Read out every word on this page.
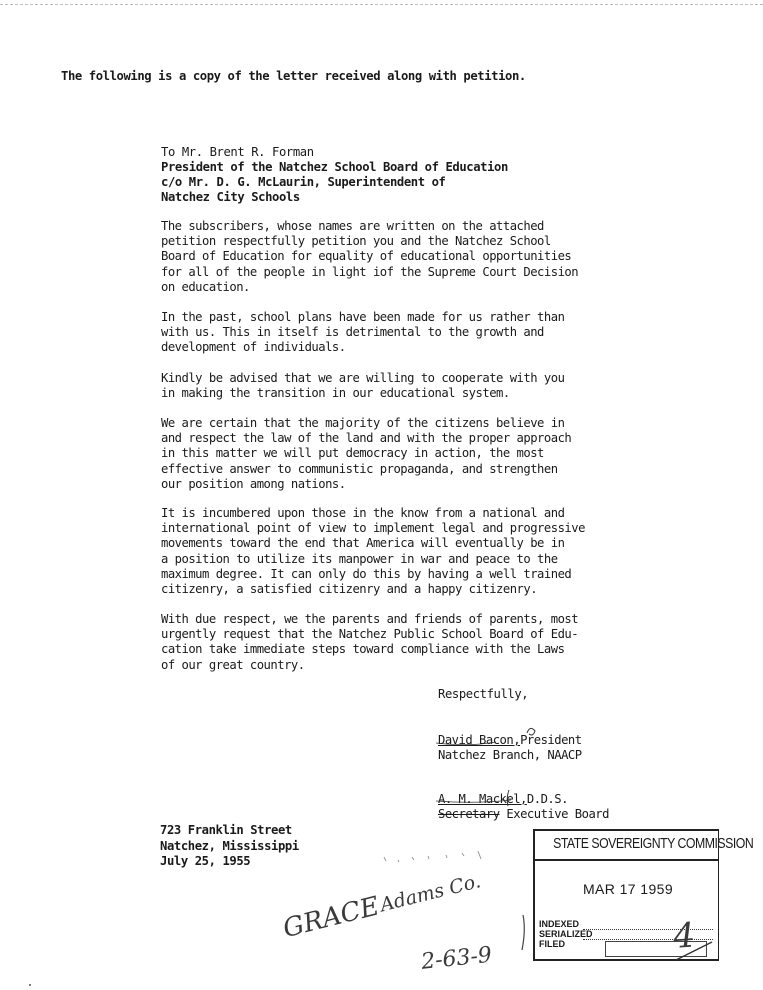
The following is a copy of the letter received along with petition.
To Mr. Brent R. Forman
President of the Natchez School Board of Education
c/o Mr. D. G. McLaurin, Superintendent of
Natchez City Schools
The subscribers, whose names are written on the attached
petition respectfully petition you and the Natchez School
Board of Education for equality of educational opportunities
for all of the people in light iof the Supreme Court Decision
on education.
In the past, school plans have been made for us rather than
with us. This in itself is detrimental to the growth and
development of individuals.
Kindly be advised that we are willing to cooperate with you
in making the transition in our educational system.
We are certain that the majority of the citizens believe in
and respect the law of the land and with the proper approach
in this matter we will put democracy in action, the most
effective answer to communistic propaganda, and strengthen
our position among nations.
It is incumbered upon those in the know from a national and
international point of view to implement legal and progressive
movements toward the end that America will eventually be in
a position to utilize its manpower in war and peace to the
maximum degree. It can only do this by having a well trained
citizenry, a satisfied citizenry and a happy citizenry.
With due respect, we the parents and friends of parents, most
urgently request that the Natchez Public School Board of Edu-
cation take immediate steps toward compliance with the Laws
of our great country.
Respectfully,
David Bacon,President
Natchez Branch, NAACP
A. M. Mackel,D.D.S.
Secretary Executive Board
723 Franklin Street
Natchez, Mississippi
July 25, 1955
STATE SOVEREIGNTY COMMISSION
MAR 17 1959
INDEXED
SERIALIZED
FILED
GRACE
Adams Co.
2-63-9
4
